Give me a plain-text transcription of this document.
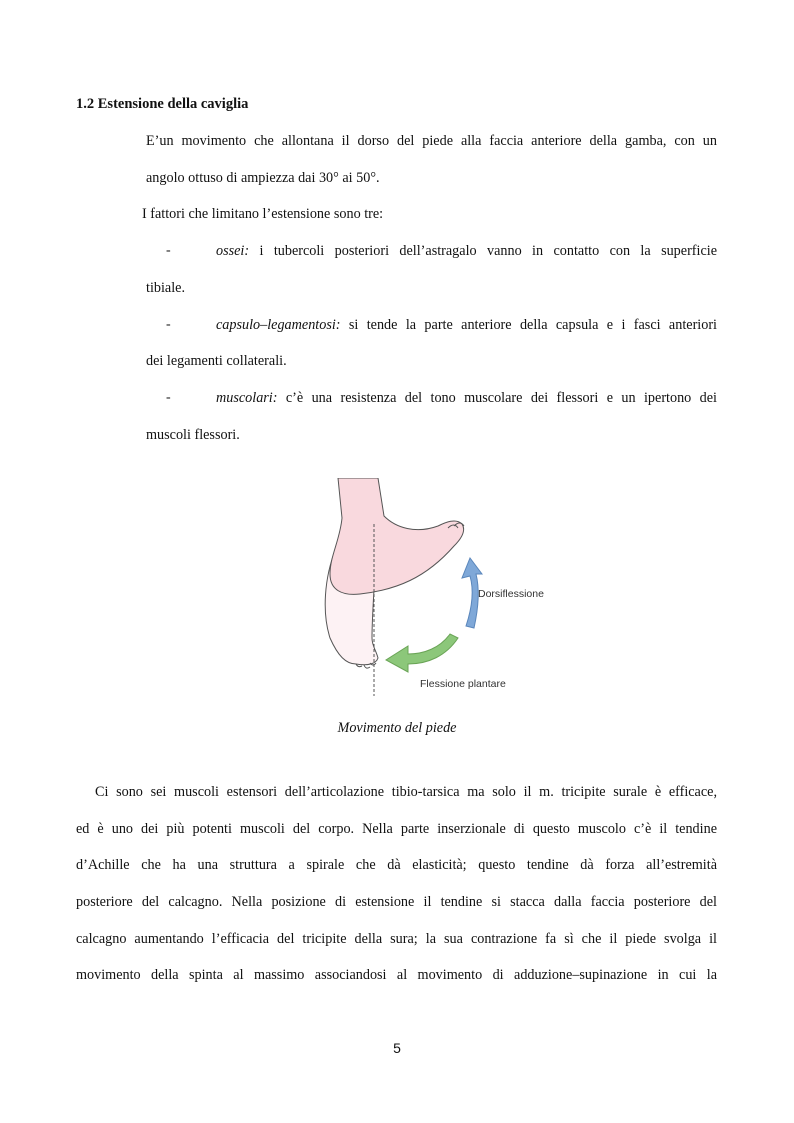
1.2 Estensione della caviglia
E’un movimento che allontana il dorso del piede alla faccia anteriore della gamba, con un
angolo ottuso di ampiezza dai 30° ai 50°.
I fattori che limitano l’estensione sono tre:
-	ossei: i tubercoli posteriori dell’astragalo vanno in contatto con la superficie
tibiale.
-	capsulo–legamentosi: si tende la parte anteriore della capsula e i fasci anteriori
dei legamenti collaterali.
-	muscolari: c’è una resistenza del tono muscolare dei flessori e un ipertono dei
muscoli flessori.
Dorsiflessione
Flessione plantare
Movimento del piede
Ci sono sei muscoli estensori dell’articolazione tibio-tarsica ma solo il m. tricipite surale è efficace,
ed è uno dei più potenti muscoli del corpo. Nella parte inserzionale di questo muscolo c’è il tendine
d’Achille che ha una struttura a spirale che dà elasticità; questo tendine dà forza all’estremità
posteriore del calcagno. Nella posizione di estensione il tendine si stacca dalla faccia posteriore del
calcagno aumentando l’efficacia del tricipite della sura; la sua contrazione fa sì che il piede svolga il
movimento della spinta al massimo associandosi al movimento di adduzione–supinazione in cui la
5
